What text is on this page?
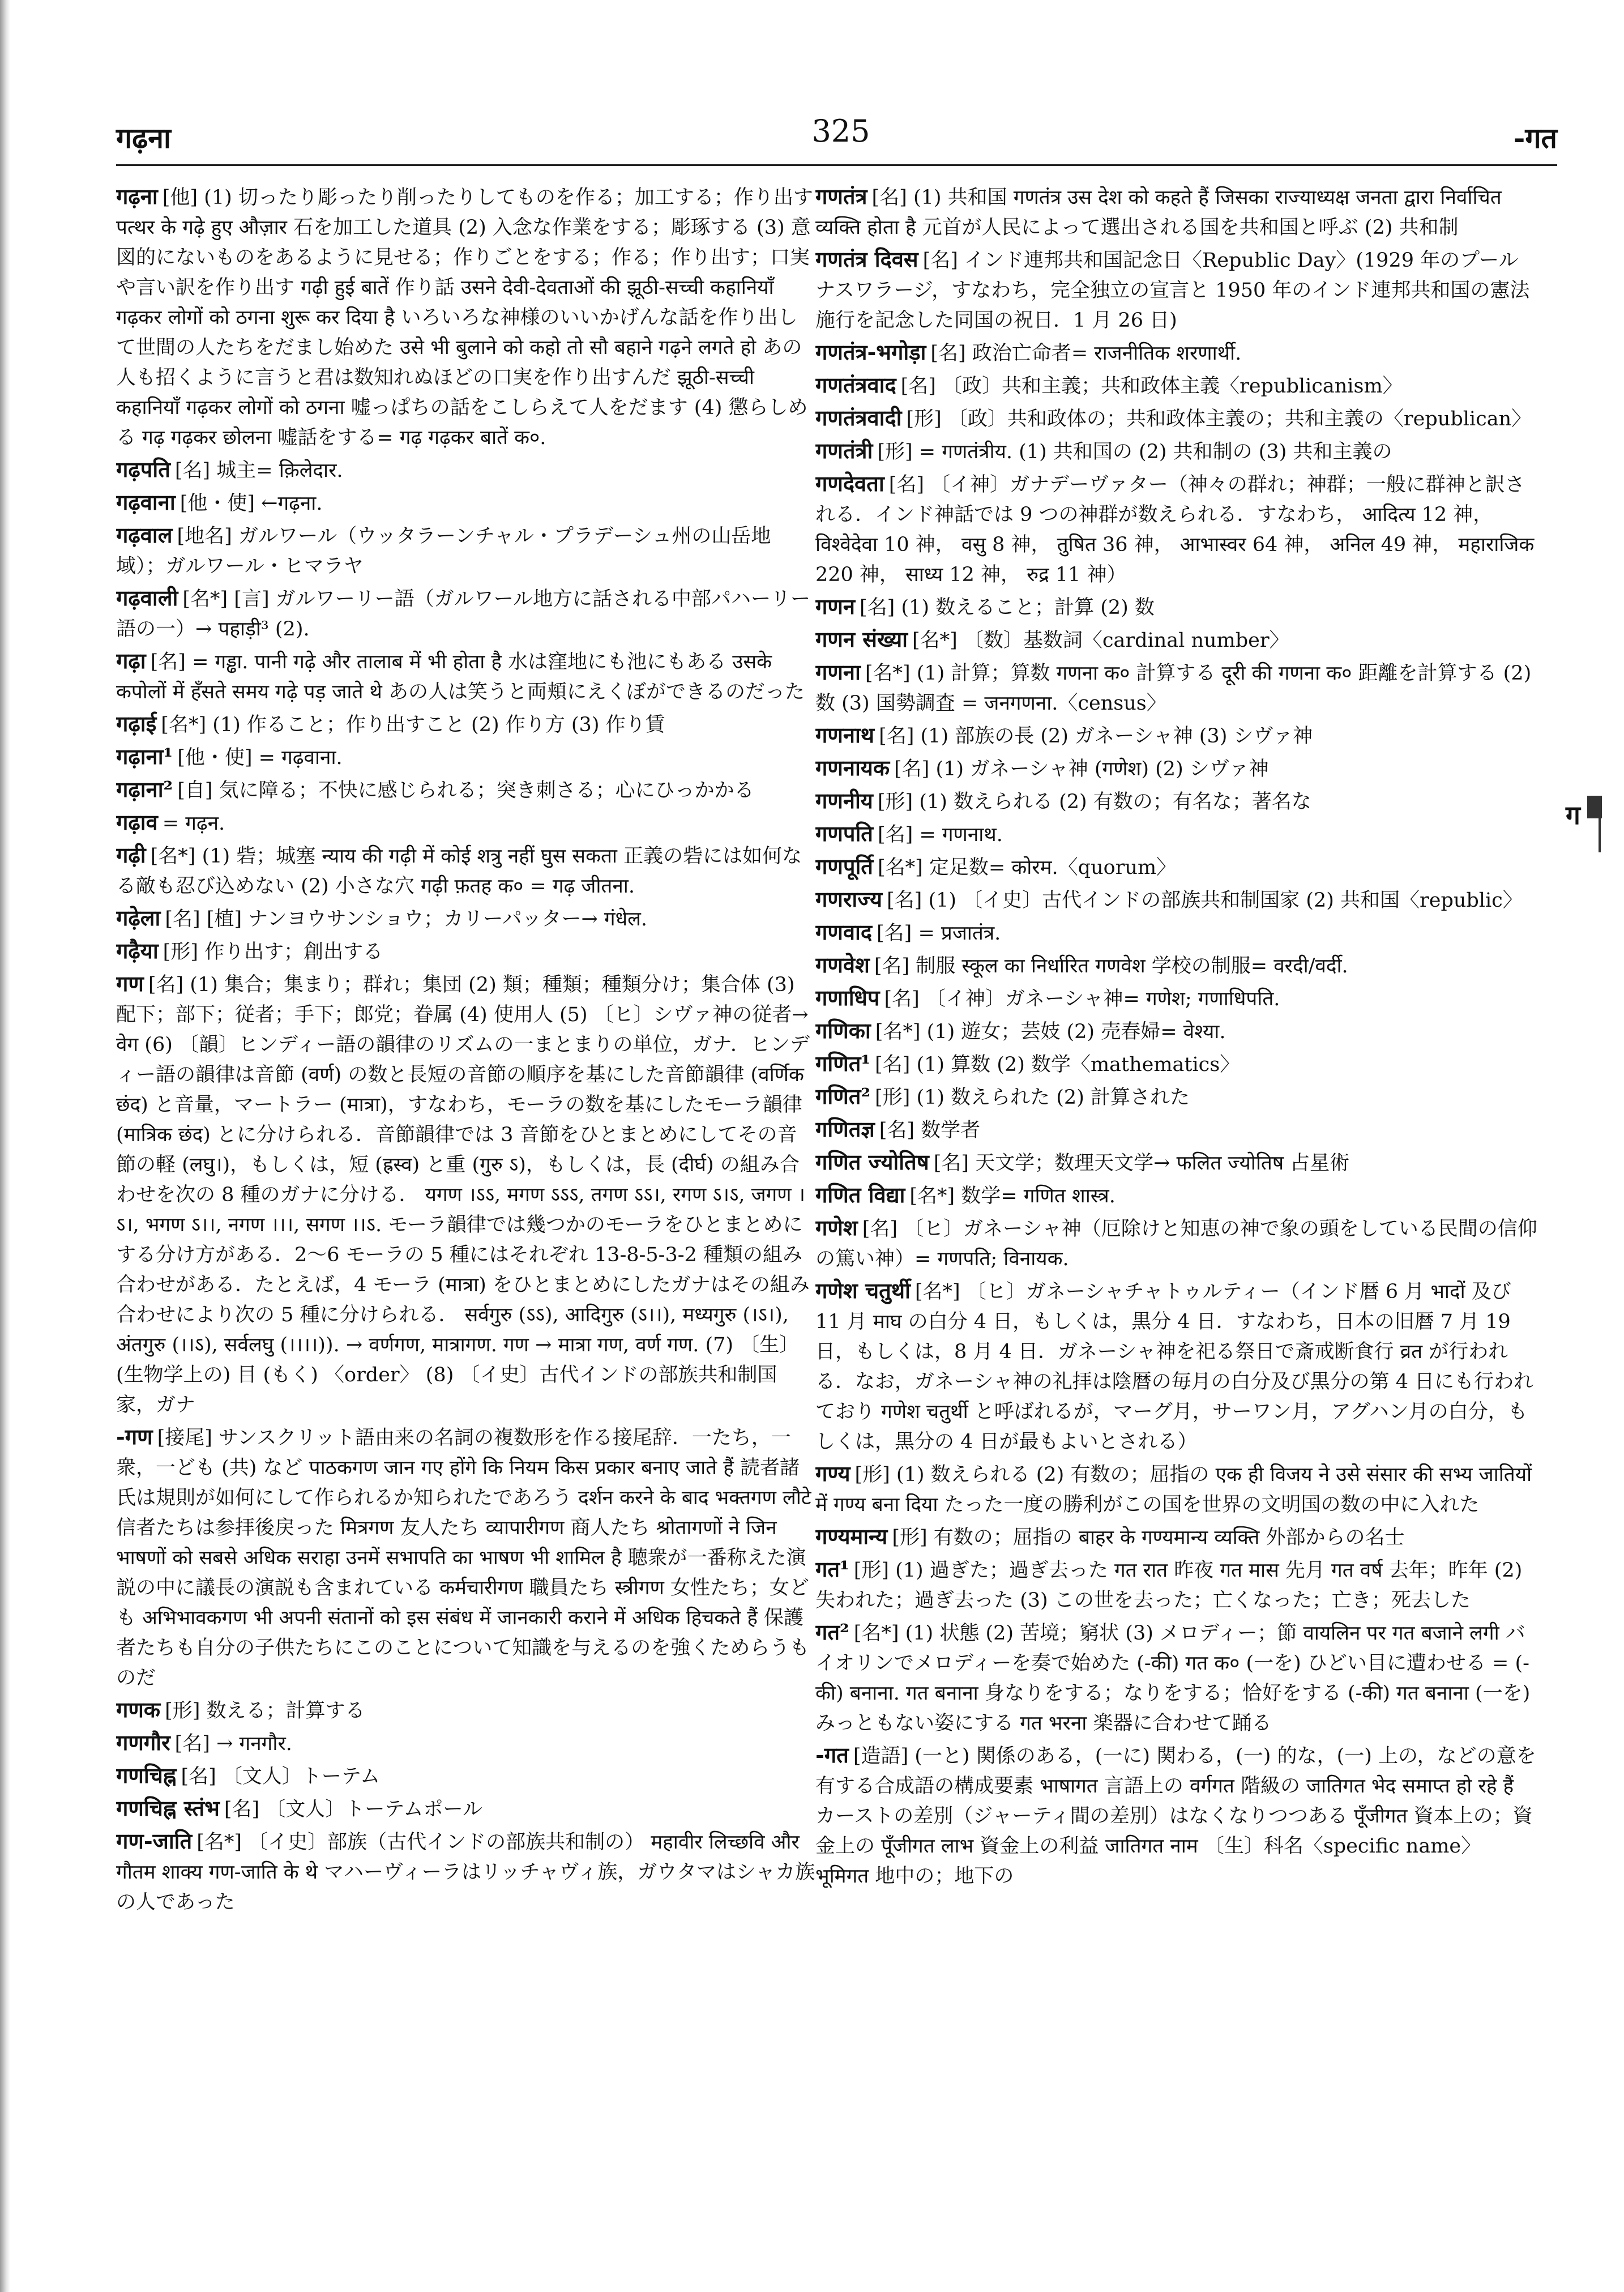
गढ़ना	325	-गत

गढ़ना [他] (1) 切ったり彫ったり削ったりしてものを作る；加工する；作り出す पत्थर के गढ़े हुए औज़ार 石を加工した道具 (2) 入念な作業をする；彫琢する (3) 意図的にないものをあるように見せる；作りごとをする；作る；作り出す；口実や言い訳を作り出す गढ़ी हुई बातें 作り話 उसने देवी-देवताओं की झूठी-सच्ची कहानियाँ गढ़कर लोगों को ठगना शुरू कर दिया है いろいろな神様のいいかげんな話を作り出して世間の人たちをだまし始めた उसे भी बुलाने को कहो तो सौ बहाने गढ़ने लगते हो あの人も招くように言うと君は数知れぬほどの口実を作り出すんだ झूठी-सच्ची कहानियाँ गढ़कर लोगों को ठगना 嘘っぱちの話をこしらえて人をだます (4) 懲らしめる गढ़ गढ़कर छोलना 嘘話をする= गढ़ गढ़कर बातें क०.

गढ़पति [名] 城主= क़िलेदार.

गढ़वाना [他・使] ←गढ़ना.

गढ़वाल [地名] ガルワール（ウッタラーンチャル・プラデーシュ州の山岳地域）；ガルワール・ヒマラヤ

गढ़वाली [名*] [言] ガルワーリー語（ガルワール地方に話される中部パハーリー語の一）→ पहाड़ी³ (2).

गढ़ा [名] = गड्ढा. पानी गढ़े और तालाब में भी होता है 水は窪地にも池にもある उसके कपोलों में हँसते समय गढ़े पड़ जाते थे あの人は笑うと両頬にえくぼができるのだった

गढ़ाई [名*] (1) 作ること；作り出すこと (2) 作り方 (3) 作り賃

गढ़ाना¹ [他・使] = गढ़वाना.

गढ़ाना² [自] 気に障る；不快に感じられる；突き刺さる；心にひっかかる

गढ़ाव = गढ़न.

गढ़ी [名*] (1) 砦；城塞 न्याय की गढ़ी में कोई शत्रु नहीं घुस सकता 正義の砦には如何なる敵も忍び込めない (2) 小さな穴 गढ़ी फ़तह क० = गढ़ जीतना.

गढ़ेला [名] [植] ナンヨウサンショウ；カリーパッター→ गंधेल.

गढ़ैया [形] 作り出す；創出する

गण [名] (1) 集合；集まり；群れ；集団 (2) 類；種類；種類分け；集合体 (3) 配下；部下；従者；手下；郎党；眷属 (4) 使用人 (5) 〔ヒ〕シヴァ神の従者→ वेग (6) 〔韻〕ヒンディー語の韻律のリズムの一まとまりの単位，ガナ．ヒンディー語の韻律は音節 (वर्ण) の数と長短の音節の順序を基にした音節韻律 (वर्णिक छंद) と音量，マートラー (मात्रा)，すなわち，モーラの数を基にしたモーラ韻律 (मात्रिक छंद) とに分けられる．音節韻律では 3 音節をひとまとめにしてその音節の軽 (लघु।)，もしくは，短 (ह्रस्व) と重 (गुरु ऽ)，もしくは，長 (दीर्घ) の組み合わせを次の 8 種のガナに分ける． यगण ।ऽऽ, मगण ऽऽऽ, तगण ऽऽ।, रगण ऽ।ऽ, जगण ।ऽ।, भगण ऽ।।, नगण ।।।, सगण ।।ऽ. モーラ韻律では幾つかのモーラをひとまとめにする分け方がある．2〜6 モーラの 5 種にはそれぞれ 13-8-5-3-2 種類の組み合わせがある．たとえば，4 モーラ (मात्रा) をひとまとめにしたガナはその組み合わせにより次の 5 種に分けられる． सर्वगुरु (ऽऽ), आदिगुरु (ऽ।।), मध्यगुरु (।ऽ।), अंतगुरु (।।ऽ), सर्वलघु (।।।।)). → वर्णगण, मात्रागण. गण → मात्रा गण, वर्ण गण. (7) 〔生〕(生物学上の) 目 (もく) 〈order〉 (8) 〔イ史〕古代インドの部族共和制国家，ガナ

-गण [接尾] サンスクリット語由来の名詞の複数形を作る接尾辞．一たち，一衆，一ども (共) など पाठकगण जान गए होंगे कि नियम किस प्रकार बनाए जाते हैं 読者諸氏は規則が如何にして作られるか知られたであろう दर्शन करने के बाद भक्तगण लौटे 信者たちは参拝後戻った मित्रगण 友人たち व्यापारीगण 商人たち श्रोतागणों ने जिन भाषणों को सबसे अधिक सराहा उनमें सभापति का भाषण भी शामिल है 聴衆が一番称えた演説の中に議長の演説も含まれている कर्मचारीगण 職員たち स्त्रीगण 女性たち；女ども अभिभावकगण भी अपनी संतानों को इस संबंध में जानकारी कराने में अधिक हिचकते हैं 保護者たちも自分の子供たちにこのことについて知識を与えるのを強くためらうものだ

गणक [形] 数える；計算する

गणगौर [名] → गनगौर.

गणचिह्न [名] 〔文人〕トーテム

गणचिह्न स्तंभ [名] 〔文人〕トーテムポール

गण-जाति [名*] 〔イ史〕部族（古代インドの部族共和制の） महावीर लिच्छवि और गौतम शाक्य गण-जाति के थे マハーヴィーラはリッチャヴィ族，ガウタマはシャカ族の人であった

गणतंत्र [名] (1) 共和国 गणतंत्र उस देश को कहते हैं जिसका राज्याध्यक्ष जनता द्वारा निर्वाचित व्यक्ति होता है 元首が人民によって選出される国を共和国と呼ぶ (2) 共和制

गणतंत्र दिवस [名] インド連邦共和国記念日〈Republic Day〉(1929 年のプールナスワラージ，すなわち，完全独立の宣言と 1950 年のインド連邦共和国の憲法施行を記念した同国の祝日．1 月 26 日)

गणतंत्र-भगोड़ा [名] 政治亡命者= राजनीतिक शरणार्थी.

गणतंत्रवाद [名] 〔政〕共和主義；共和政体主義〈republicanism〉

गणतंत्रवादी [形] 〔政〕共和政体の；共和政体主義の；共和主義の〈republican〉

गणतंत्री [形] = गणतंत्रीय. (1) 共和国の (2) 共和制の (3) 共和主義の

गणदेवता [名] 〔イ神〕ガナデーヴァター（神々の群れ；神群；一般に群神と訳される．インド神話では 9 つの神群が数えられる．すなわち， आदित्य 12 神， विश्वेदेवा 10 神， वसु 8 神， तुषित 36 神， आभास्वर 64 神， अनिल 49 神， महाराजिक 220 神， साध्य 12 神， रुद्र 11 神）

गणन [名] (1) 数えること；計算 (2) 数

गणन संख्या [名*] 〔数〕基数詞〈cardinal number〉

गणना [名*] (1) 計算；算数 गणना क० 計算する दूरी की गणना क० 距離を計算する (2) 数 (3) 国勢調査 = जनगणना.〈census〉

गणनाथ [名] (1) 部族の長 (2) ガネーシャ神 (3) シヴァ神

गणनायक [名] (1) ガネーシャ神 (गणेश) (2) シヴァ神

गणनीय [形] (1) 数えられる (2) 有数の；有名な；著名な

गणपति [名] = गणनाथ.

गणपूर्ति [名*] 定足数= कोरम.〈quorum〉

गणराज्य [名] (1) 〔イ史〕古代インドの部族共和制国家 (2) 共和国〈republic〉

गणवाद [名] = प्रजातंत्र.

गणवेश [名] 制服 स्कूल का निर्धारित गणवेश 学校の制服= वरदी/वर्दी.

गणाधिप [名] 〔イ神〕ガネーシャ神= गणेश; गणाधिपति.

गणिका [名*] (1) 遊女；芸妓 (2) 売春婦= वेश्या.

गणित¹ [名] (1) 算数 (2) 数学〈mathematics〉

गणित² [形] (1) 数えられた (2) 計算された

गणितज्ञ [名] 数学者

गणित ज्योतिष [名] 天文学；数理天文学→ फलित ज्योतिष 占星術

गणित विद्या [名*] 数学= गणित शास्त्र.

गणेश [名] 〔ヒ〕ガネーシャ神（厄除けと知恵の神で象の頭をしている民間の信仰の篤い神）= गणपति; विनायक.

गणेश चतुर्थी [名*] 〔ヒ〕ガネーシャチャトゥルティー（インド暦 6 月 भादों 及び 11 月 माघ の白分 4 日，もしくは，黒分 4 日．すなわち，日本の旧暦 7 月 19 日，もしくは，8 月 4 日．ガネーシャ神を祀る祭日で斎戒断食行 व्रत が行われる．なお，ガネーシャ神の礼拝は陰暦の毎月の白分及び黒分の第 4 日にも行われており गणेश चतुर्थी と呼ばれるが，マーグ月，サーワン月，アグハン月の白分，もしくは，黒分の 4 日が最もよいとされる）

गण्य [形] (1) 数えられる (2) 有数の；屈指の एक ही विजय ने उसे संसार की सभ्य जातियों में गण्य बना दिया たった一度の勝利がこの国を世界の文明国の数の中に入れた

गण्यमान्य [形] 有数の；屈指の बाहर के गण्यमान्य व्यक्ति 外部からの名士

गत¹ [形] (1) 過ぎた；過ぎ去った गत रात 昨夜 गत मास 先月 गत वर्ष 去年；昨年 (2) 失われた；過ぎ去った (3) この世を去った；亡くなった；亡き；死去した

गत² [名*] (1) 状態 (2) 苦境；窮状 (3) メロディー；節 वायलिन पर गत बजाने लगी バイオリンでメロディーを奏で始めた (-की) गत क० (一を) ひどい目に遭わせる = (-की) बनाना. गत बनाना 身なりをする；なりをする；恰好をする (-की) गत बनाना (一を) みっともない姿にする गत भरना 楽器に合わせて踊る

-गत [造語] (一と) 関係のある，(一に) 関わる，(一) 的な，(一) 上の，などの意を有する合成語の構成要素 भाषागत 言語上の वर्गगत 階級の जातिगत भेद समाप्त हो रहे हैं カーストの差別（ジャーティ間の差別）はなくなりつつある पूँजीगत 資本上の；資金上の पूँजीगत लाभ 資金上の利益 जातिगत नाम 〔生〕科名〈specific name〉 भूमिगत 地中の；地下の

ग
